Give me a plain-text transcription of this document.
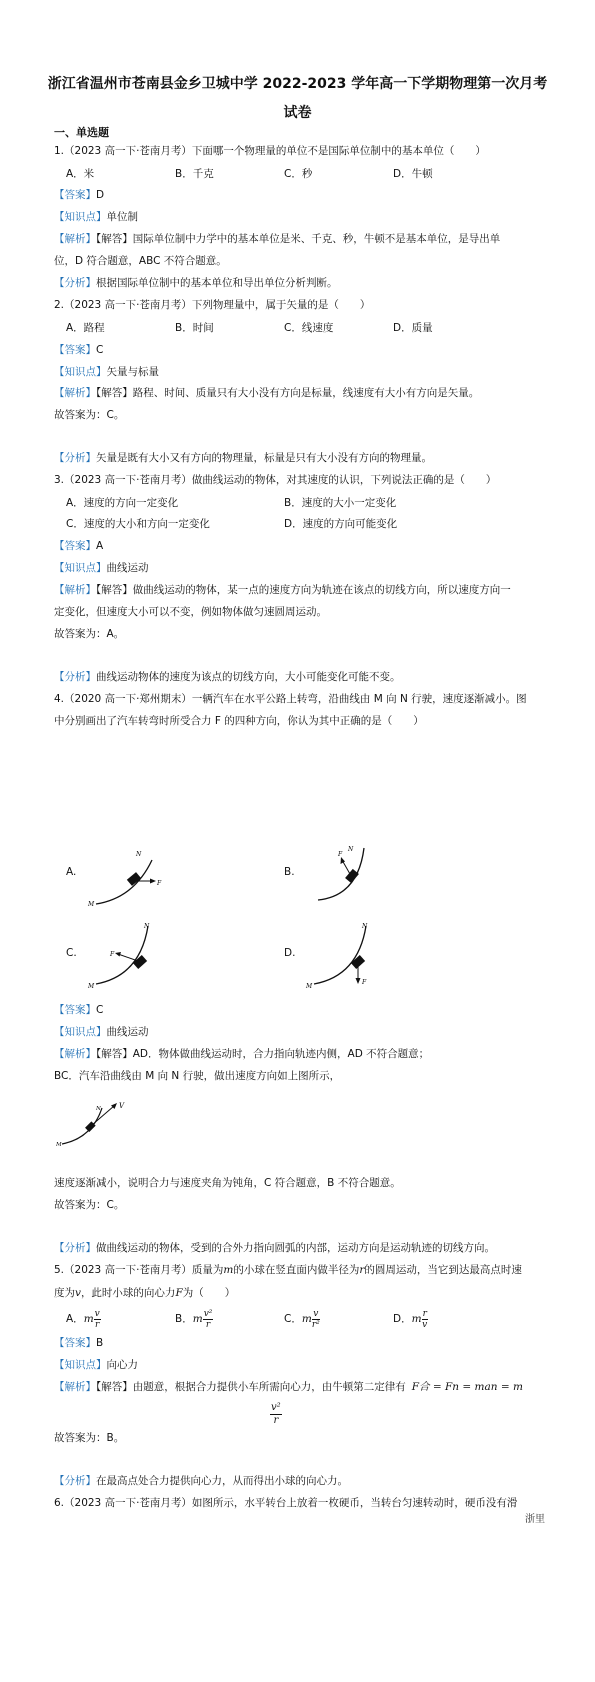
浙江省温州市苍南县金乡卫城中学 2022-2023 学年高一下学期物理第一次月考
试卷
一、单选题
1.（2023 高一下·苍南月考）下面哪一个物理量的单位不是国际单位制中的基本单位（　　）
A．米	B．千克	C．秒	D．牛顿
【答案】D
【知识点】单位制
【解析】【解答】国际单位制中力学中的基本单位是米、千克、秒，牛顿不是基本单位，是导出单
位，D 符合题意，ABC 不符合题意。
【分析】根据国际单位制中的基本单位和导出单位分析判断。
2.（2023 高一下·苍南月考）下列物理量中，属于矢量的是（　　）
A．路程	B．时间	C．线速度	D．质量
【答案】C
【知识点】矢量与标量
【解析】【解答】路程、时间、质量只有大小没有方向是标量，线速度有大小有方向是矢量。
故答案为：C。
【分析】矢量是既有大小又有方向的物理量，标量是只有大小没有方向的物理量。
3.（2023 高一下·苍南月考）做曲线运动的物体，对其速度的认识，下列说法正确的是（　　）
A．速度的方向一定变化	B．速度的大小一定变化
C．速度的大小和方向一定变化	D．速度的方向可能变化
【答案】A
【知识点】曲线运动
【解析】【解答】做曲线运动的物体，某一点的速度方向为轨迹在该点的切线方向，所以速度方向一
定变化，但速度大小可以不变，例如物体做匀速圆周运动。
故答案为：A。
【分析】曲线运动物体的速度为该点的切线方向，大小可能变化可能不变。
4.（2020 高一下·郑州期末）一辆汽车在水平公路上转弯，沿曲线由 M 向 N 行驶，速度逐渐减小。图
中分别画出了汽车转弯时所受合力 F 的四种方向，你认为其中正确的是（　　）
A.
M
N
F
B.
F
N
C.
M
N
F	D.
M
N
F
【答案】C
【知识点】曲线运动
【解析】【解答】AD．物体做曲线运动时，合力指向轨迹内侧，AD 不符合题意；
BC．汽车沿曲线由 M 向 N 行驶，做出速度方向如上图所示，
V
N
M
速度逐渐减小，说明合力与速度夹角为钝角，C 符合题意，B 不符合题意。
故答案为：C。
【分析】做曲线运动的物体，受到的合外力指向圆弧的内部，运动方向是运动轨迹的切线方向。
5.（2023 高一下·苍南月考）质量为m的小球在竖直面内做半径为r的圆周运动，当它到达最高点时速
度为v，此时小球的向心力F为（　　）
A．m $\frac{v}{r}$	B．m $\frac{\text{v²}}{r}$	C．m $\frac{v}{\text{r²}}$	D．m $\frac{r}{v}$
【答案】B
【知识点】向心力
【解析】【解答】由题意，根据合力提供小车所需向心力，由牛顿第二定律有 F合 = Fn = man = m
$\frac{\text{v²}}{r}$
故答案为：B。
【分析】在最高点处合力提供向心力，从而得出小球的向心力。
6.（2023 高一下·苍南月考）如图所示，水平转台上放着一枚硬币，当转台匀速转动时，硬币没有滑
浙里
